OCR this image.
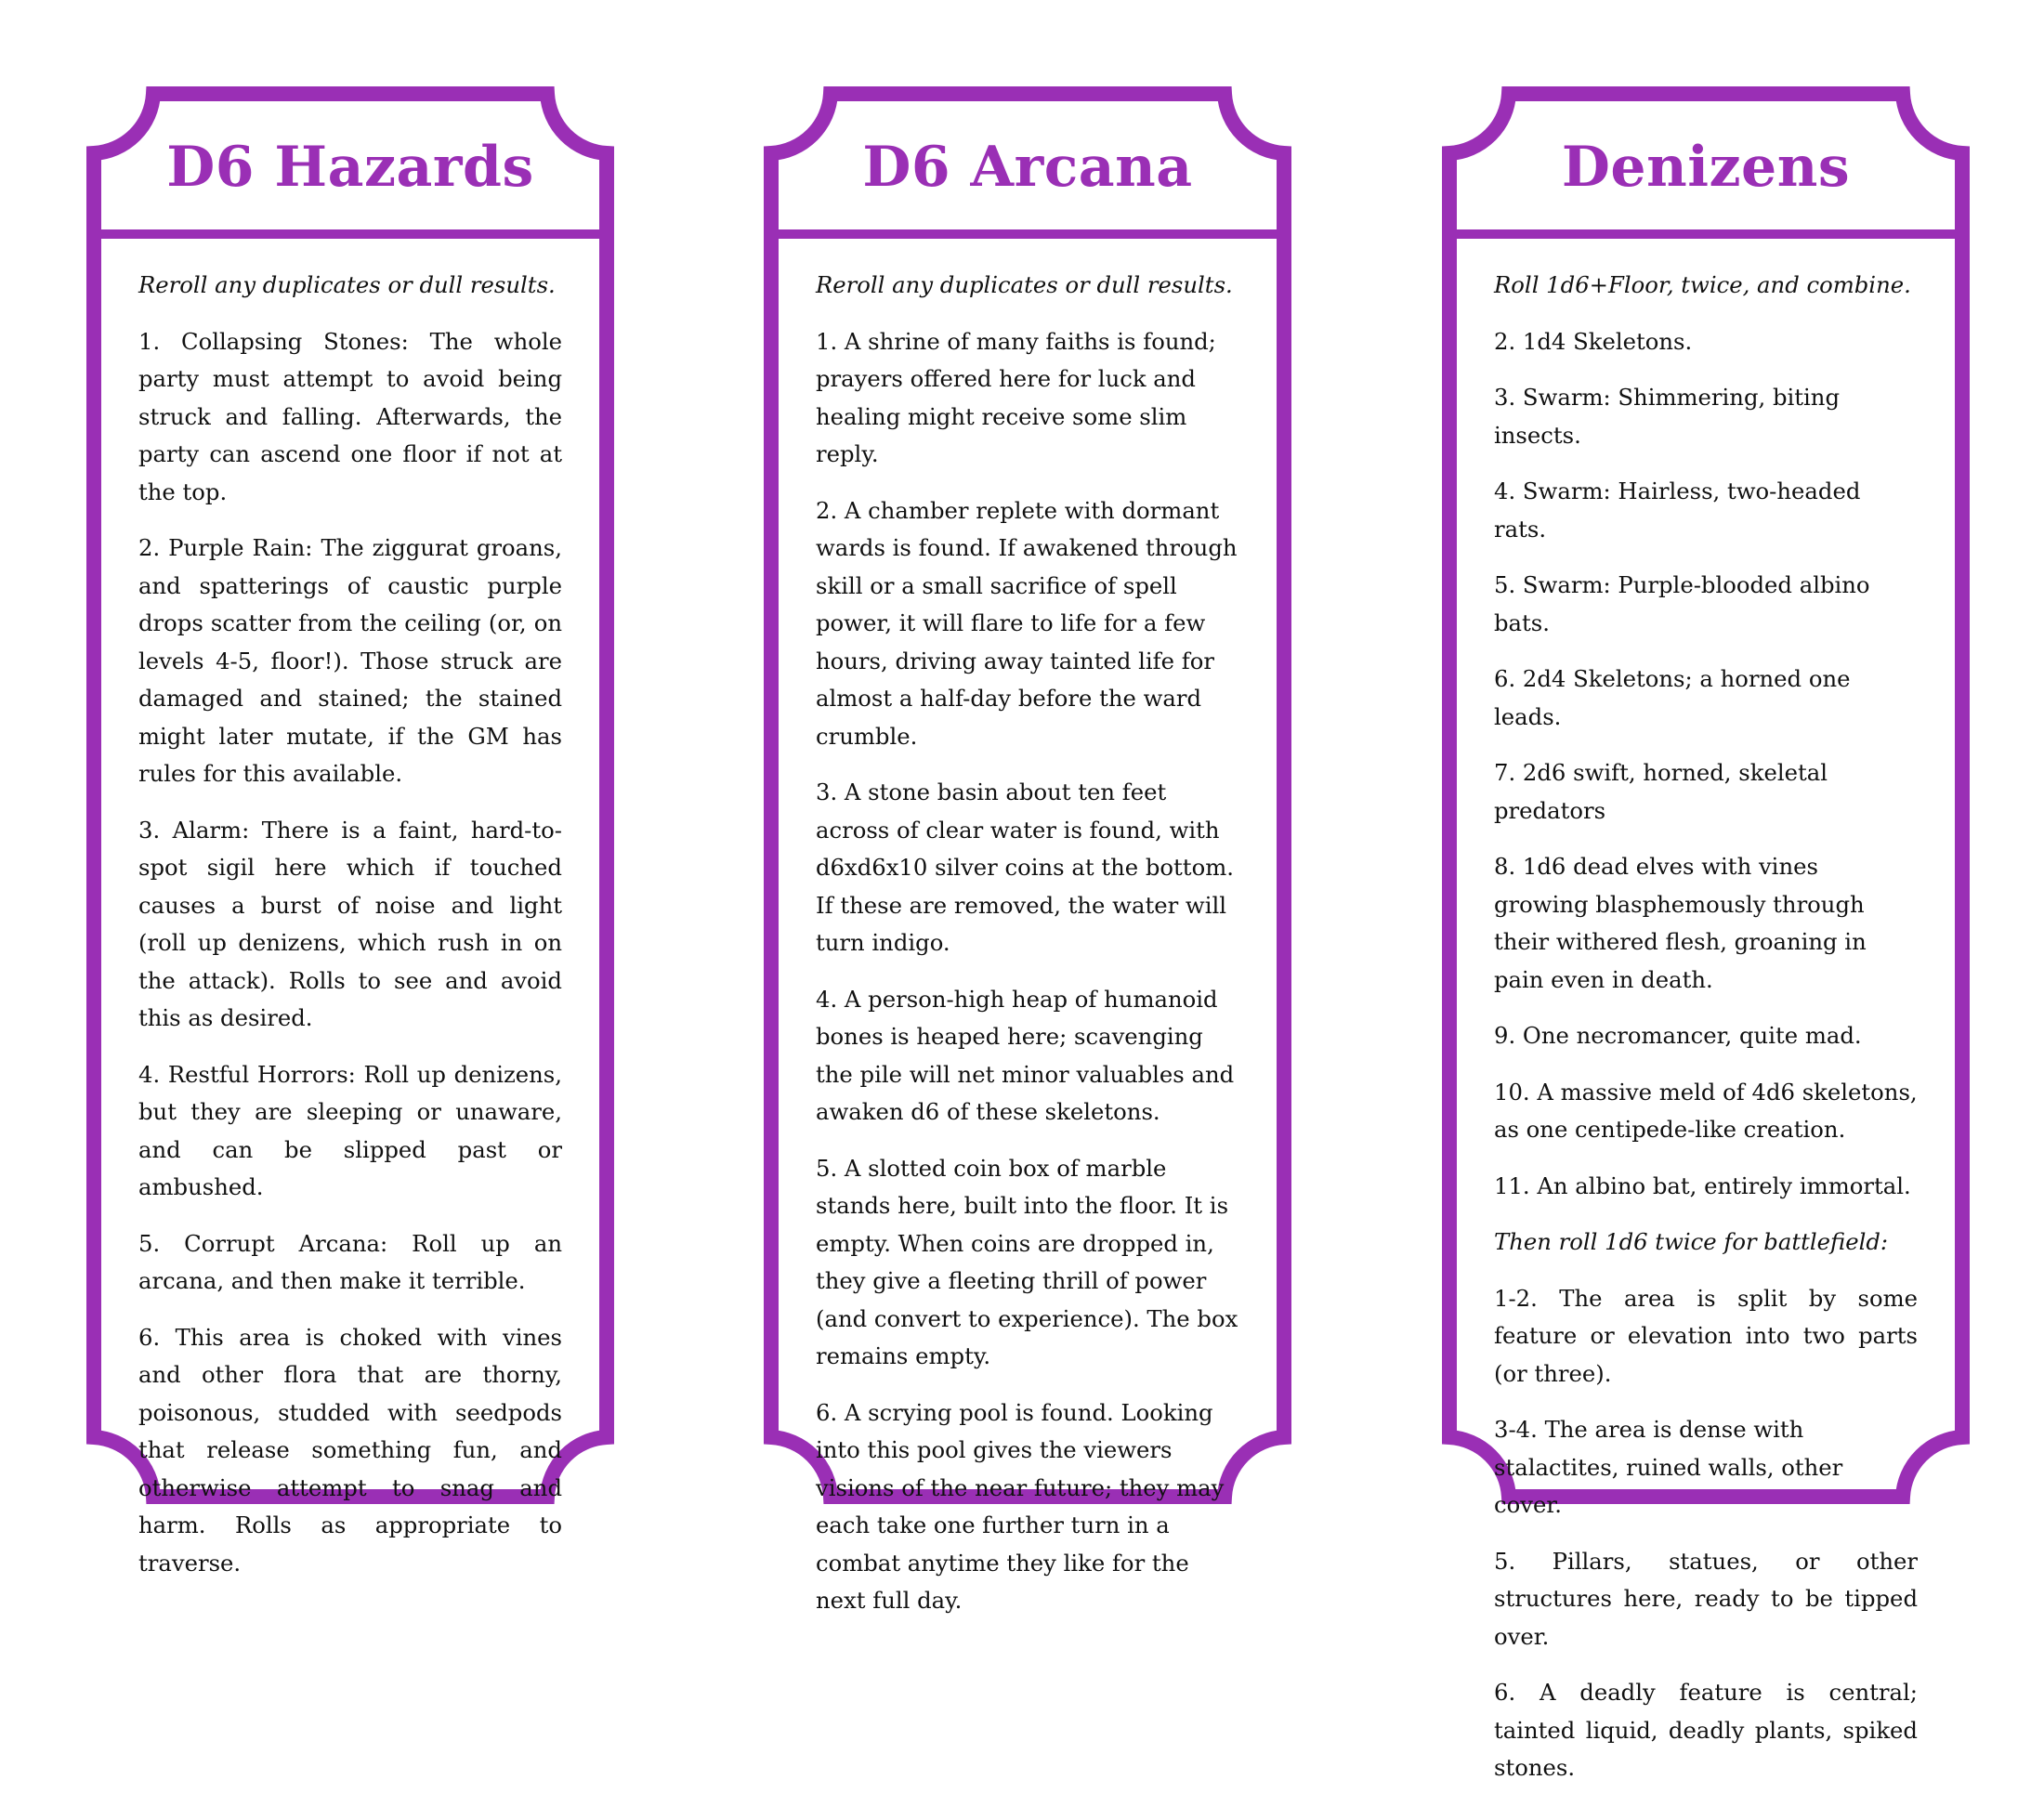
D6 Hazards

Reroll any duplicates or dull results.

1. Collapsing Stones: The whole party must attempt to avoid being struck and falling. Afterwards, the party can ascend one floor if not at the top.

2. Purple Rain: The ziggurat groans, and spatterings of caustic purple drops scatter from the ceiling (or, on levels 4-5, floor!). Those struck are damaged and stained; the stained might later mutate, if the GM has rules for this available.

3. Alarm: There is a faint, hard-to-spot sigil here which if touched causes a burst of noise and light (roll up denizens, which rush in on the attack). Rolls to see and avoid this as desired.

4. Restful Horrors: Roll up denizens, but they are sleeping or unaware, and can be slipped past or ambushed.

5. Corrupt Arcana: Roll up an arcana, and then make it terrible.

6. This area is choked with vines and other flora that are thorny, poisonous, studded with seedpods that release something fun, and otherwise attempt to snag and harm. Rolls as appropriate to traverse.

D6 Arcana

Reroll any duplicates or dull results.

1. A shrine of many faiths is found; prayers offered here for luck and healing might receive some slim reply.

2. A chamber replete with dormant wards is found. If awakened through skill or a small sacrifice of spell power, it will flare to life for a few hours, driving away tainted life for almost a half-day before the ward crumble.

3. A stone basin about ten feet across of clear water is found, with d6xd6x10 silver coins at the bottom. If these are removed, the water will turn indigo.

4. A person-high heap of humanoid bones is heaped here; scavenging the pile will net minor valuables and awaken d6 of these skeletons.

5. A slotted coin box of marble stands here, built into the floor. It is empty. When coins are dropped in, they give a fleeting thrill of power (and convert to experience). The box remains empty.

6. A scrying pool is found. Looking into this pool gives the viewers visions of the near future; they may each take one further turn in a combat anytime they like for the next full day.

Denizens

Roll 1d6+Floor, twice, and combine.

2. 1d4 Skeletons.

3. Swarm: Shimmering, biting insects.

4. Swarm: Hairless, two-headed rats.

5. Swarm: Purple-blooded albino bats.

6. 2d4 Skeletons; a horned one leads.

7. 2d6 swift, horned, skeletal predators

8. 1d6 dead elves with vines growing blasphemously through their withered flesh, groaning in pain even in death.

9. One necromancer, quite mad.

10. A massive meld of 4d6 skeletons, as one centipede-like creation.

11. An albino bat, entirely immortal.

Then roll 1d6 twice for battlefield:

1-2. The area is split by some feature or elevation into two parts (or three).

3-4. The area is dense with stalactites, ruined walls, other cover.

5. Pillars, statues, or other structures here, ready to be tipped over.

6. A deadly feature is central; tainted liquid, deadly plants, spiked stones.
